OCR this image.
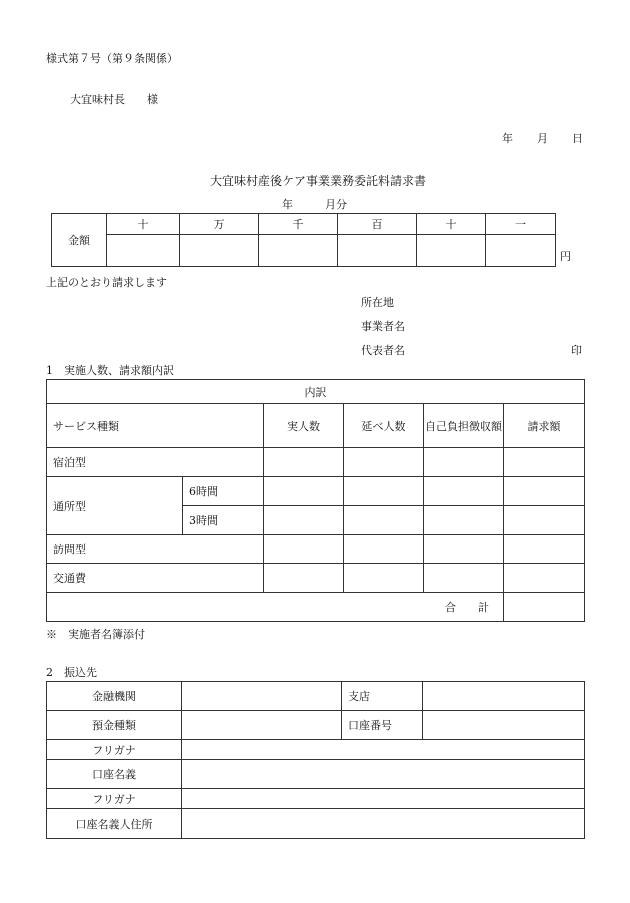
様式第７号（第９条関係）
大宜味村長　　様
年 月 日
大宜味村産後ケア事業業務委託料請求書
年	月分
金額	十	万	千	百	十	一

円
上記のとおり請求します
所在地
事業者名
代表者名	印
1　実施人数、請求額内訳
内訳					
サービス種類		実人数	延べ人数	自己負担徴収額	請求額
宿泊型					
通所型	6時間				
	3時間				
訪問型					
交通費					
合　　計					
※　実施者名簿添付
2　振込先
金融機関		支店	
預金種類		口座番号	
フリガナ			
口座名義			
フリガナ			
口座名義人住所			
